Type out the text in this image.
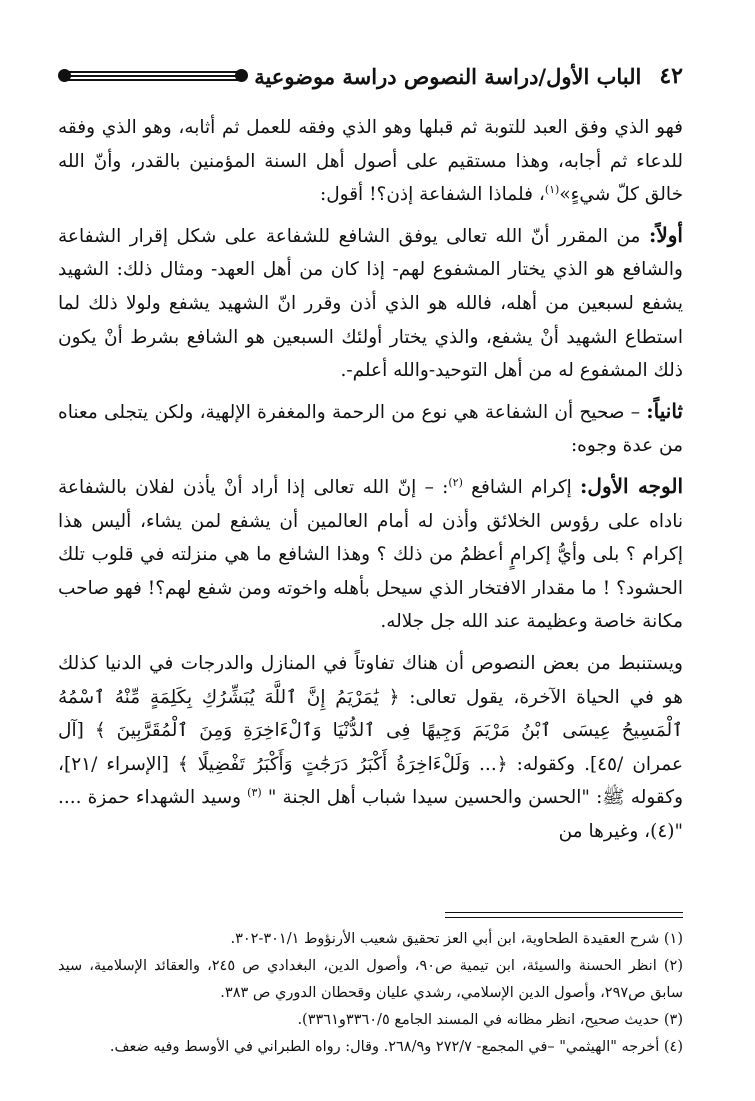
٤٢
الباب الأول/دراسة النصوص دراسة موضوعية

فهو الذي وفق العبد للتوبة ثم قبلها وهو الذي وفقه للعمل ثم أثابه، وهو الذي وفقه للدعاء ثم أجابه، وهذا مستقيم على أصول أهل السنة المؤمنين بالقدر، وأنّ الله خالق كلّ شيءٍ»$^{(١)}$، فلماذا الشفاعة إذن؟! أقول:

أولاً: من المقرر أنّ الله تعالى يوفق الشافع للشفاعة على شكل إقرار الشفاعة والشافع هو الذي يختار المشفوع لهم- إذا كان من أهل العهد- ومثال ذلك: الشهيد يشفع لسبعين من أهله، فالله هو الذي أذن وقرر انّ الشهيد يشفع ولولا ذلك لما استطاع الشهيد أنْ يشفع، والذي يختار أولئك السبعين هو الشافع بشرط أنْ يكون ذلك المشفوع له من أهل التوحيد-والله أعلم-.

ثانياً: – صحيح أن الشفاعة هي نوع من الرحمة والمغفرة الإلهية، ولكن يتجلى معناه من عدة وجوه:

الوجه الأول: إكرام الشافع $^{(٢)}$: – إنّ الله تعالى إذا أراد أنْ يأذن لفلان بالشفاعة ناداه على رؤوس الخلائق وأذن له أمام العالمين أن يشفع لمن يشاء، أليس هذا إكرام ؟ بلى وأيُّ إكرامٍ أعظمُ من ذلك ؟ وهذا الشافع ما هي منزلته في قلوب تلك الحشود؟ ! ما مقدار الافتخار الذي سيحل بأهله واخوته ومن شفع لهم؟! فهو صاحب مكانة خاصة وعظيمة عند الله جل جلاله.

ويستنبط من بعض النصوص أن هناك تفاوتاً في المنازل والدرجات في الدنيا كذلك هو في الحياة الآخرة، يقول تعالى: ﴿ يَٰمَرْيَمُ إِنَّ ٱللَّهَ يُبَشِّرُكِ بِكَلِمَةٍ مِّنْهُ ٱسْمُهُ ٱلْمَسِيحُ عِيسَى ٱبْنُ مَرْيَمَ وَجِيهًا فِى ٱلدُّنْيَا وَٱلْءَاخِرَةِ وَمِنَ ٱلْمُقَرَّبِينَ ﴾ [آل عمران /٤٥]. وكقوله: ﴿... وَلَلْءَاخِرَةُ أَكْبَرُ دَرَجَٰتٍ وَأَكْبَرُ تَفْضِيلًا ﴾ [الإسراء /٢١]، وكقوله ﷺ: "الحسن والحسين سيدا شباب أهل الجنة " $^{(٣)}$ وسيد الشهداء حمزة .... "(٤)، وغيرها من

(١) شرح العقيدة الطحاوية، ابن أبي العز تحقيق شعيب الأرنؤوط ٣٠١/١-٣٠٢.

(٢) انظر الحسنة والسيئة، ابن تيمية ص٩٠، وأصول الدين، البغدادي ص ٢٤٥، والعقائد الإسلامية، سيد سابق ص٢٩٧، وأصول الدين الإسلامي، رشدي عليان وقحطان الدوري ص ٣٨٣.

(٣) حديث صحيح، انظر مظانه في المسند الجامع ٣٣٦٠/٥و٣٣٦١).

(٤) أخرجه "الهيثمي" –في المجمع- ٢٧٢/٧ و٢٦٨/٩. وقال: رواه الطبراني في الأوسط وفيه ضعف.
